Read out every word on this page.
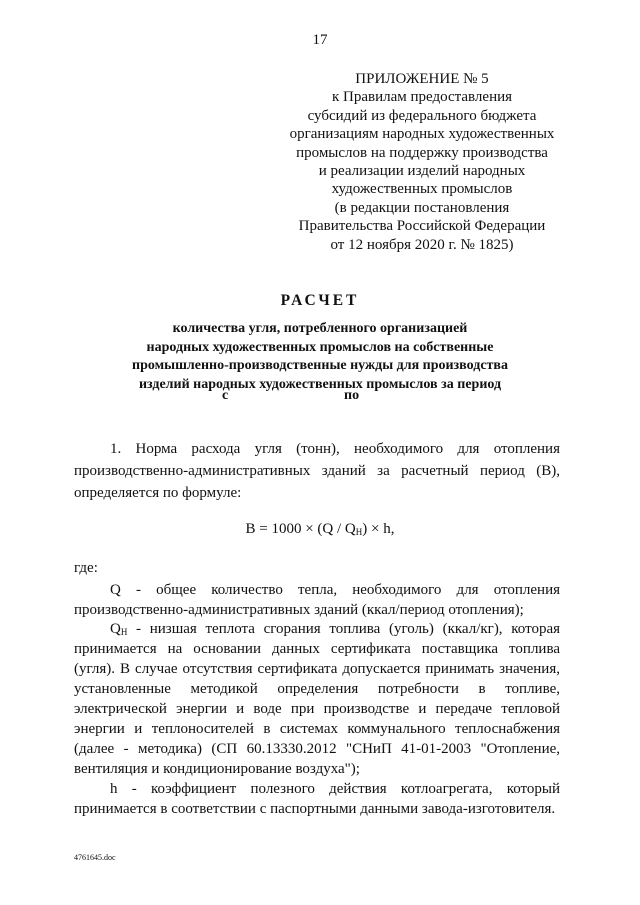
17
ПРИЛОЖЕНИЕ № 5
к Правилам предоставления
субсидий из федерального бюджета
организациям народных художественных
промыслов на поддержку производства
и реализации изделий народных
художественных промыслов
(в редакции постановления
Правительства Российской Федерации
от 12 ноября 2020 г. № 1825)
РАСЧЕТ
количества угля, потребленного организацией
народных художественных промыслов на собственные
промышленно-производственные нужды для производства
изделий народных художественных промыслов за период
с	по
1. Норма расхода угля (тонн), необходимого для отопления
производственно-административных зданий за расчетный период (B),
определяется по формуле:
$B = 1000 \times (Q / Q_Н) \times h$,
где:
Q - общее количество тепла, необходимого для отопления
производственно-административных зданий (ккал/период отопления);
$Q_Н$ - низшая теплота сгорания топлива (уголь) (ккал/кг), которая
принимается на основании данных сертификата поставщика топлива
(угля). В случае отсутствия сертификата допускается принимать значения,
установленные методикой определения потребности в топливе,
электрической энергии и воде при производстве и передаче тепловой
энергии и теплоносителей в системах коммунального теплоснабжения
(далее - методика) (СП 60.13330.2012 "СНиП 41-01-2003 "Отопление,
вентиляция и кондиционирование воздуха");
h - коэффициент полезного действия котлоагрегата, который
принимается в соответствии с паспортными данными завода-изготовителя.
4761645.doc
